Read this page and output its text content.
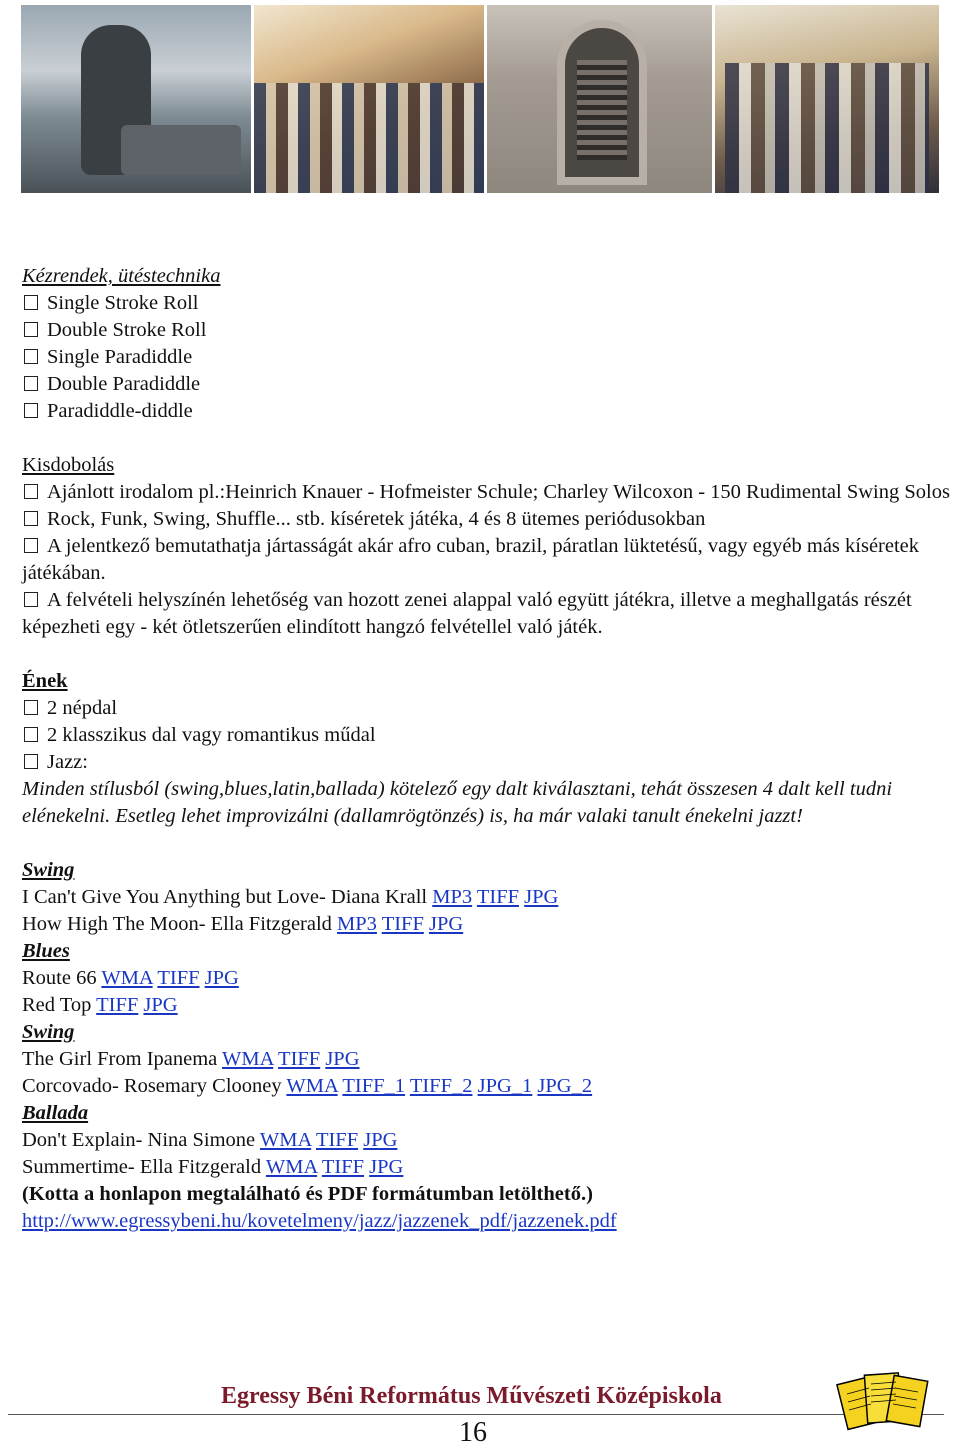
Kézrendek, ütéstechnika

Single Stroke Roll

Double Stroke Roll

Single Paradiddle

Double Paradiddle

Paradiddle-diddle

Kisdobolás

Ajánlott irodalom pl.:Heinrich Knauer - Hofmeister Schule; Charley Wilcoxon - 150 Rudimental Swing Solos

Rock, Funk, Swing, Shuffle... stb. kíséretek játéka, 4 és 8 ütemes periódusokban

A jelentkező bemutathatja jártasságát akár afro cuban, brazil, páratlan lüktetésű, vagy egyéb más kíséretek játékában.

A felvételi helyszínén lehetőség van hozott zenei alappal való együtt játékra, illetve a meghallgatás részét képezheti egy - két ötletszerűen elindított hangzó felvétellel való játék.

Ének

2 népdal

2 klasszikus dal vagy romantikus műdal

Jazz:

Minden stílusból (swing,blues,latin,ballada) kötelező egy dalt kiválasztani, tehát összesen 4 dalt kell tudni elénekelni. Esetleg lehet improvizálni (dallamrögtönzés) is, ha már valaki tanult énekelni jazzt!

Swing

I Can't Give You Anything but Love- Diana Krall MP3 TIFF JPG

How High The Moon- Ella Fitzgerald MP3 TIFF JPG

Blues

Route 66 WMA TIFF JPG

Red Top TIFF JPG

Swing

The Girl From Ipanema WMA TIFF JPG

Corcovado- Rosemary Clooney WMA TIFF_1 TIFF_2 JPG_1 JPG_2

Ballada

Don't Explain- Nina Simone WMA TIFF JPG

Summertime- Ella Fitzgerald WMA TIFF JPG

(Kotta a honlapon megtalálható és PDF formátumban letölthető.)

http://www.egressybeni.hu/kovetelmeny/jazz/jazzenek_pdf/jazzenek.pdf

Egressy Béni Református Művészeti Középiskola
16
